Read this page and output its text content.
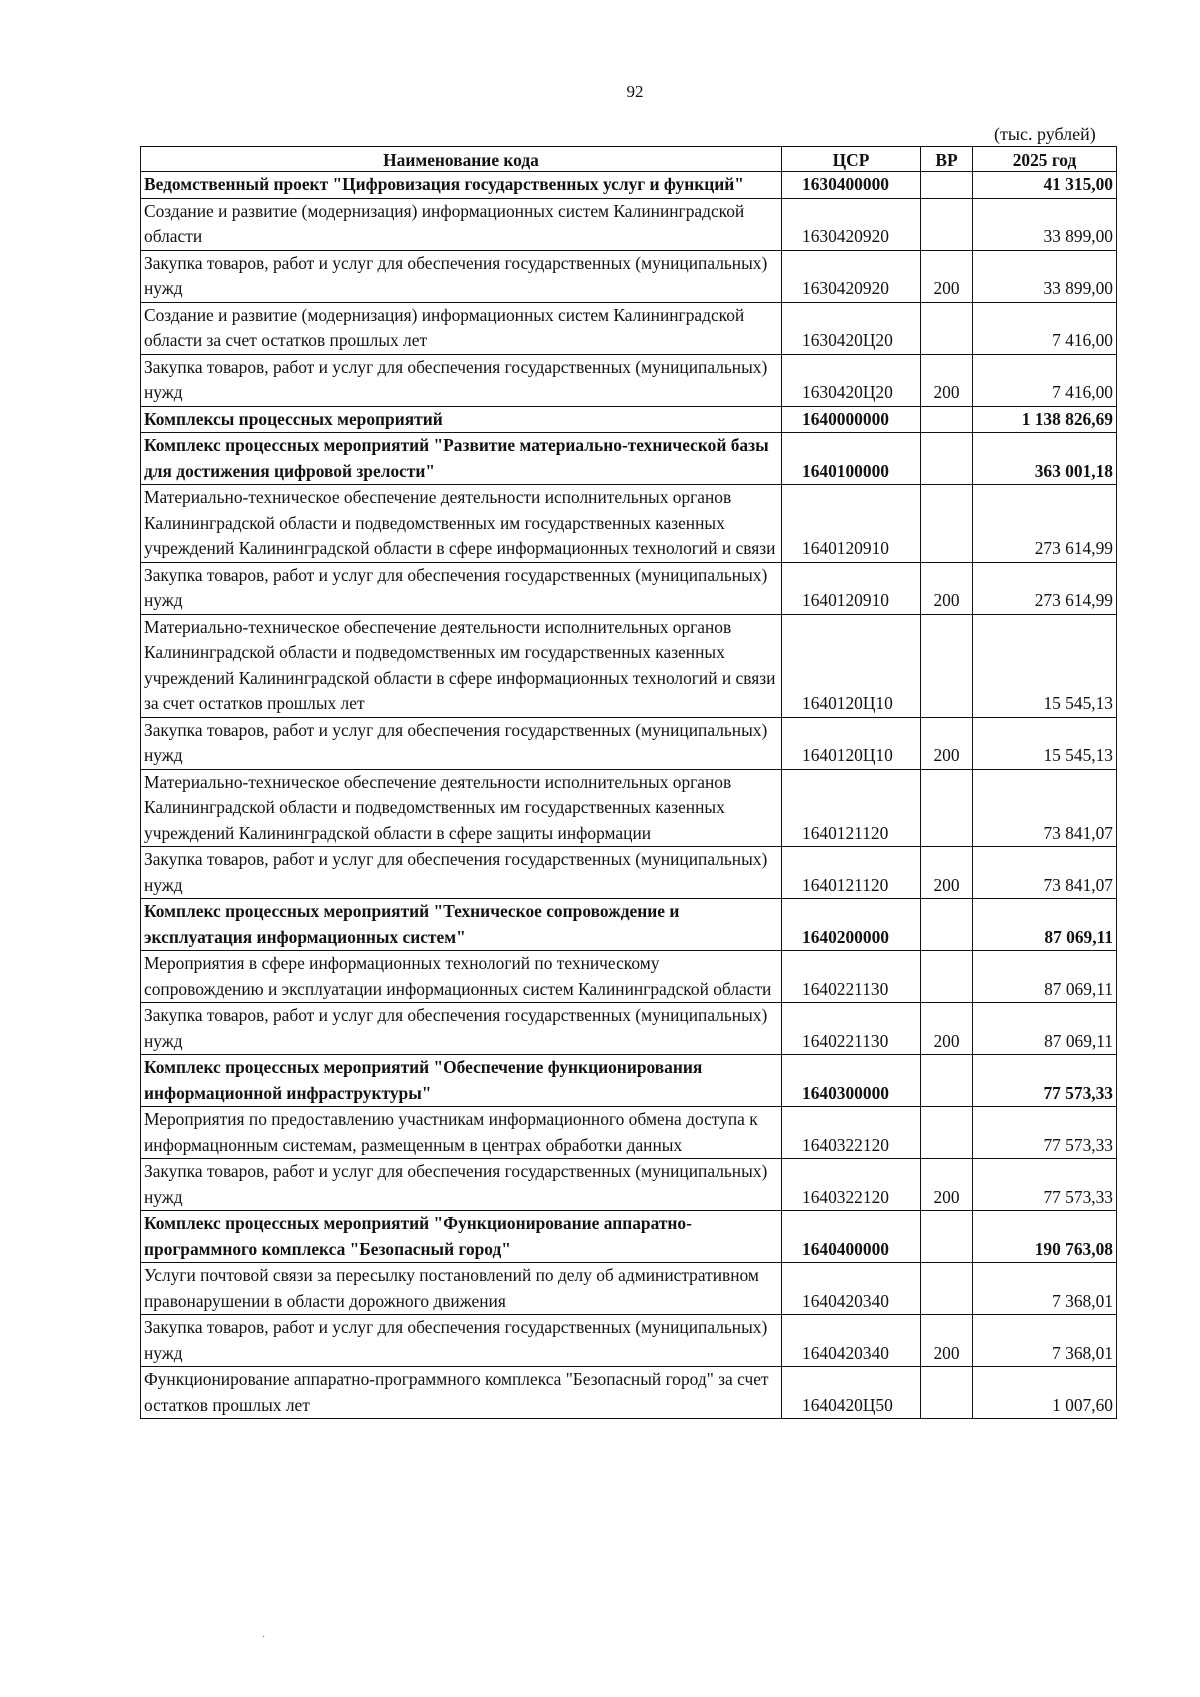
92
(тыс. рублей)
Наименование кода	ЦСР	ВР	2025 год
Ведомственный проект "Цифровизация государственных услуг и функций"	1630400000		41 315,00
Создание и развитие (модернизация) информационных систем Калининградской области	1630420920		33 899,00
Закупка товаров, работ и услуг для обеспечения государственных (муниципальных) нужд	1630420920	200	33 899,00
Создание и развитие (модернизация) информационных систем Калининградской области за счет остатков прошлых лет	1630420Ц20		7 416,00
Закупка товаров, работ и услуг для обеспечения государственных (муниципальных) нужд	1630420Ц20	200	7 416,00
Комплексы процессных мероприятий	1640000000		1 138 826,69
Комплекс процессных мероприятий "Развитие материально-технической базы для достижения цифровой зрелости"	1640100000		363 001,18
Материально-техническое обеспечение деятельности исполнительных органов Калининградской области и подведомственных им государственных казенных учреждений Калининградской области в сфере информационных технологий и связи	1640120910		273 614,99
Закупка товаров, работ и услуг для обеспечения государственных (муниципальных) нужд	1640120910	200	273 614,99
Материально-техническое обеспечение деятельности исполнительных органов Калининградской области и подведомственных им государственных казенных учреждений Калининградской области в сфере информационных технологий и связи за счет остатков прошлых лет	1640120Ц10		15 545,13
Закупка товаров, работ и услуг для обеспечения государственных (муниципальных) нужд	1640120Ц10	200	15 545,13
Материально-техническое обеспечение деятельности исполнительных органов Калининградской области и подведомственных им государственных казенных учреждений Калининградской области в сфере защиты информации	1640121120		73 841,07
Закупка товаров, работ и услуг для обеспечения государственных (муниципальных) нужд	1640121120	200	73 841,07
Комплекс процессных мероприятий "Техническое сопровождение и эксплуатация информационных систем"	1640200000		87 069,11
Мероприятия в сфере информационных технологий по техническому сопровождению и эксплуатации информационных систем Калининградской области	1640221130		87 069,11
Закупка товаров, работ и услуг для обеспечения государственных (муниципальных) нужд	1640221130	200	87 069,11
Комплекс процессных мероприятий "Обеспечение функционирования информационной инфраструктуры"	1640300000		77 573,33
Мероприятия по предоставлению участникам информационного обмена доступа к информацнонным системам, размещенным в центрах обработки данных	1640322120		77 573,33
Закупка товаров, работ и услуг для обеспечения государственных (муниципальных) нужд	1640322120	200	77 573,33
Комплекс процессных мероприятий "Функционирование аппаратно-программного комплекса "Безопасный город"	1640400000		190 763,08
Услуги почтовой связи за пересылку постановлений по делу об административном правонарушении в области дорожного движения	1640420340		7 368,01
Закупка товаров, работ и услуг для обеспечения государственных (муниципальных) нужд	1640420340	200	7 368,01
Функционирование аппаратно-программного комплекса "Безопасный город" за счет остатков прошлых лет	1640420Ц50		1 007,60
·
